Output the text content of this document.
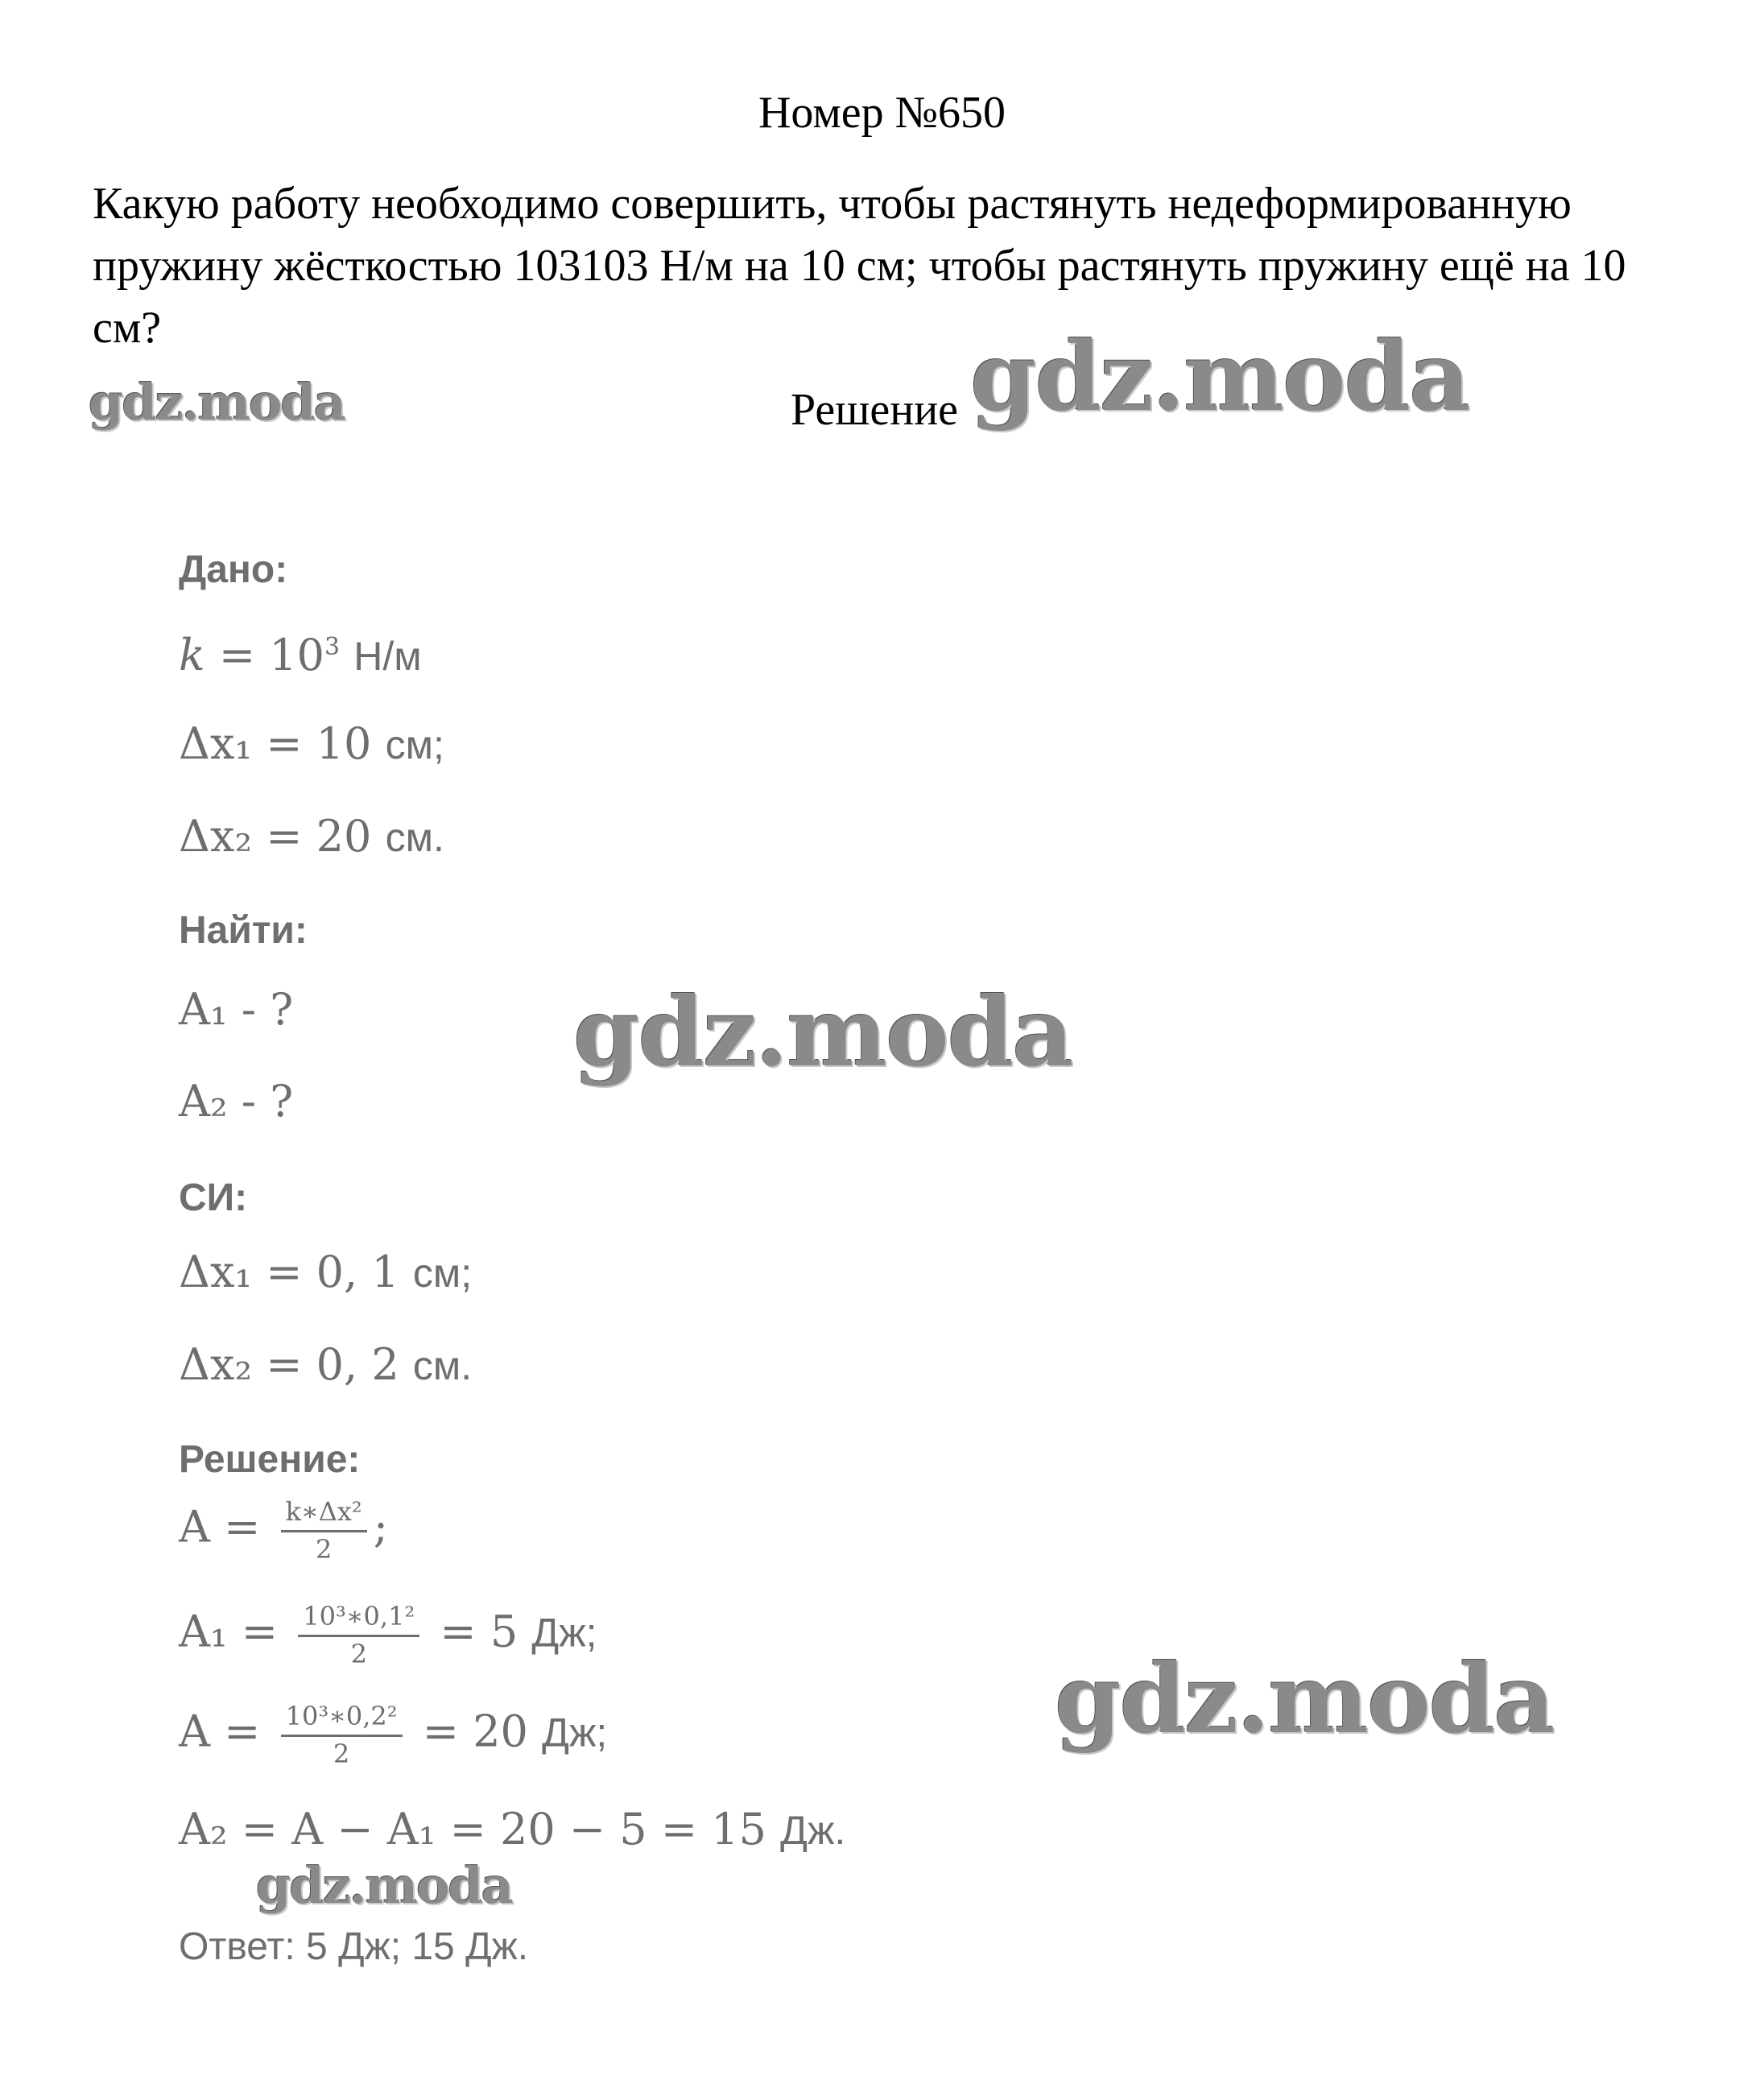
Номер №650
Какую работу необходимо совершить, чтобы растянуть недеформированную пружину жёсткостью 103103 Н/м на 10 см; чтобы растянуть пружину ещё на 10 см?
Решение
gdz.moda	gdz.moda
gdz.moda
gdz.moda
gdz.moda
Дано:
$k = 10^3$ Н/м
Δx₁ = 10 см;
Δx₂ = 20 см.
Найти:
A₁ - ?
A₂ - ?
СИ:
Δx₁ = 0, 1 см;
Δx₂ = 0, 2 см.
Решение:
$A = \frac{\text{k∗Δx²}}{2}$ ;
$A_1 = \frac{\text{10³∗0,1²}}{2} = 5$ Дж;
$A = \frac{\text{10³∗0,2²}}{2} = 20$ Дж;
A₂ = A − A₁ = 20 − 5 = 15 Дж.
Ответ: 5 Дж; 15 Дж.
